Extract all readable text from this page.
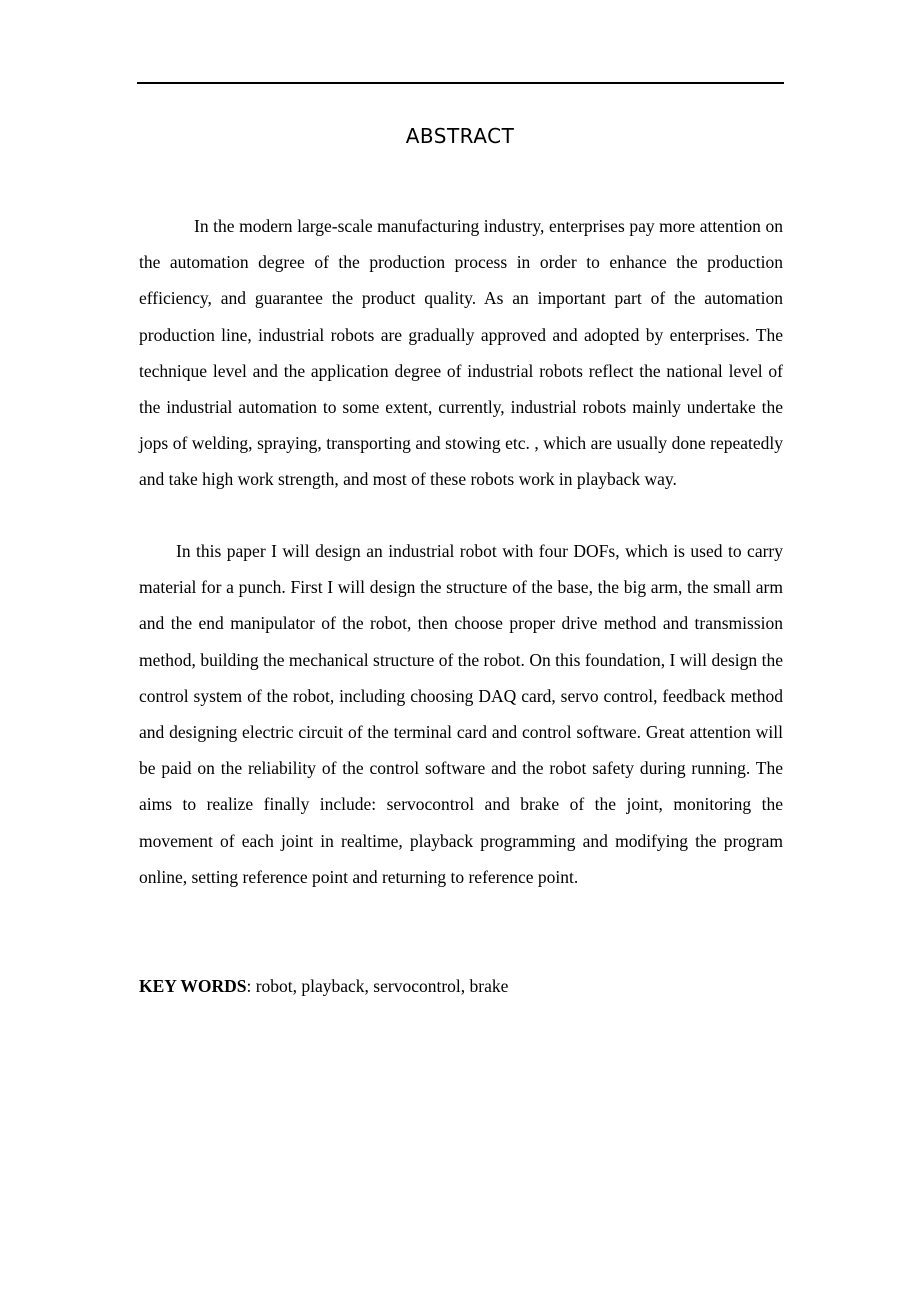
ABSTRACT

In the modern large-scale manufacturing industry, enterprises pay more attention on the automation degree of the production process in order to enhance the production efficiency, and guarantee the product quality. As an important part of the automation production line, industrial robots are gradually approved and adopted by enterprises. The technique level and the application degree of industrial robots reflect the national level of the industrial automation to some extent, currently, industrial robots mainly undertake the jops of welding, spraying, transporting and stowing etc. , which are usually done repeatedly and take high work strength, and most of these robots work in playback way.

In this paper I will design an industrial robot with four DOFs, which is used to carry material for a punch. First I will design the structure of the base, the big arm, the small arm and the end manipulator of the robot, then choose proper drive method and transmission method, building the mechanical structure of the robot. On this foundation, I will design the control system of the robot, including choosing DAQ card, servo control, feedback method and designing electric circuit of the terminal card and control software. Great attention will be paid on the reliability of the control software and the robot safety during running. The aims to realize finally include: servocontrol and brake of the joint, monitoring the movement of each joint in realtime, playback programming and modifying the program online, setting reference point and returning to reference point.

KEY WORDS: robot, playback, servocontrol, brake
